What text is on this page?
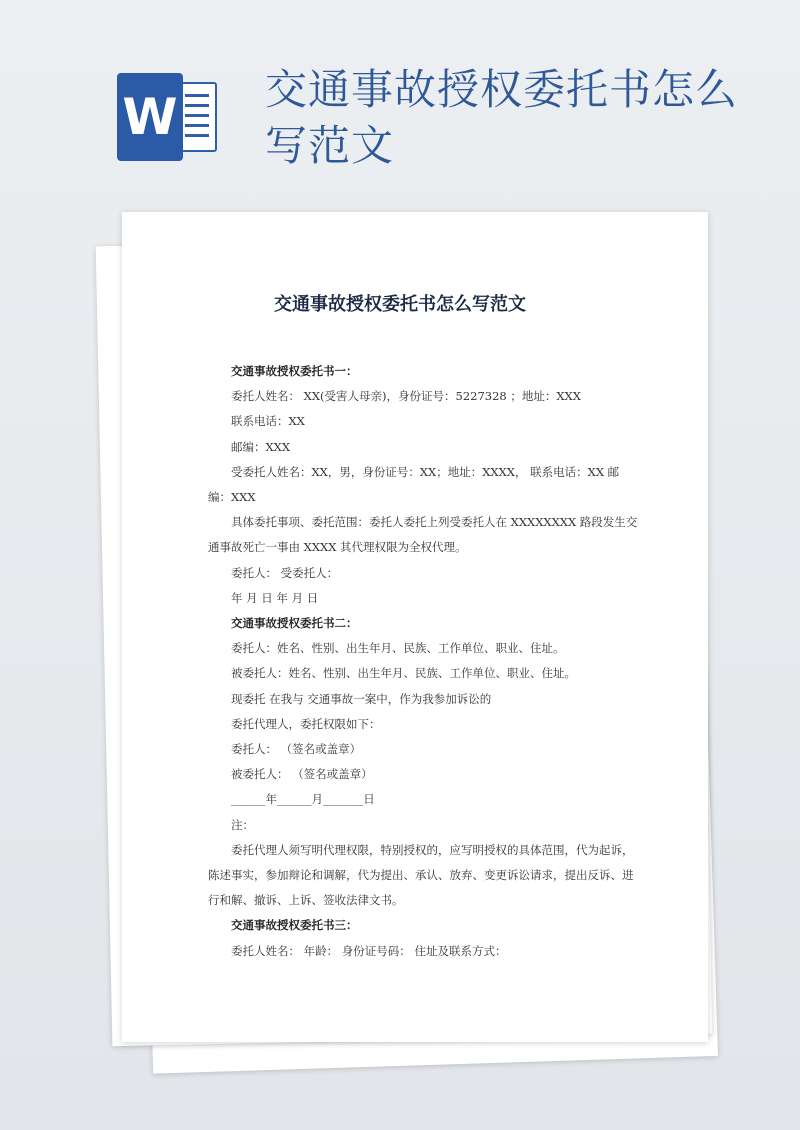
W 交通事故授权委托书怎么写范文
交通事故授权委托书怎么写范文

交通事故授权委托书一：

委托人姓名： XX(受害人母亲)，身份证号：5227328 ；地址：XXX

联系电话：XX

邮编：XXX

受委托人姓名：XX，男，身份证号：XX；地址：XXXX， 联系电话：XX 邮编：XXX

具体委托事项、委托范围：委托人委托上列受委托人在 XXXXXXXX 路段发生交通事故死亡一事由 XXXX 其代理权限为全权代理。

委托人： 受委托人：

年 月 日 年 月 日

交通事故授权委托书二：

委托人：姓名、性别、出生年月、民族、工作单位、职业、住址。

被委托人：姓名、性别、出生年月、民族、工作单位、职业、住址。

现委托 在我与 交通事故一案中，作为我参加诉讼的

委托代理人，委托权限如下：

委托人： （签名或盖章）

被委托人： （签名或盖章）

______年______月_______日

注：

委托代理人须写明代理权限，特别授权的，应写明授权的具体范围，代为起诉，陈述事实，参加辩论和调解，代为提出、承认、放弃、变更诉讼请求，提出反诉、进行和解、撤诉、上诉、签收法律文书。

交通事故授权委托书三：

委托人姓名： 年龄： 身份证号码： 住址及联系方式：
